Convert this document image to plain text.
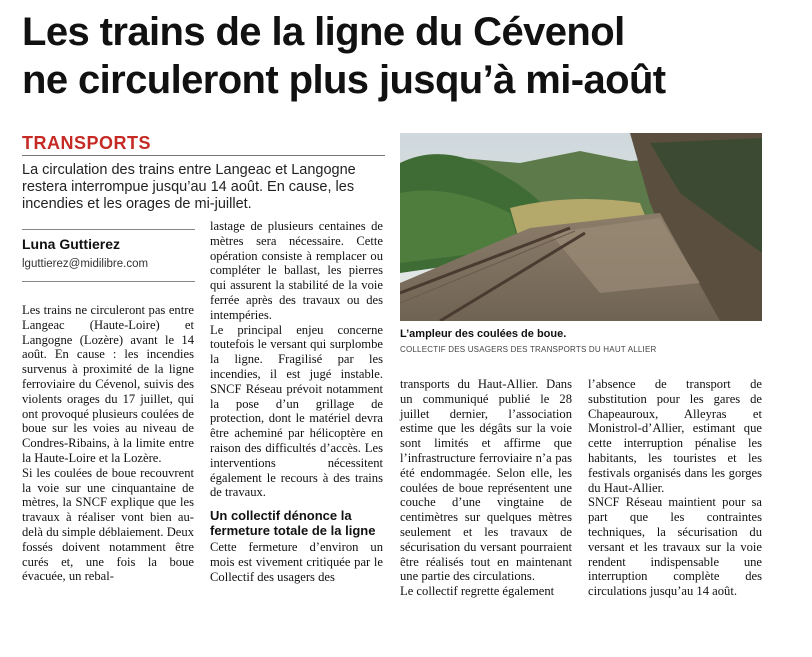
Les trains de la ligne du Cévenol
ne circuleront plus jusqu’à mi-août
TRANSPORTS
La circulation des trains entre Langeac et Langogne restera interrompue jusqu’au 14 août. En cause, les incendies et les orages de mi-juillet.
Luna Guttierez
lguttierez@midilibre.com

Les trains ne circuleront pas entre Langeac (Haute-Loire) et Langogne (Lozère) avant le 14 août. En cause : les incendies survenus à proximité de la ligne ferroviaire du Cévenol, suivis des violents orages du 17 juillet, qui ont provoqué plusieurs coulées de boue sur les voies au niveau de Condres-Ribains, à la limite entre la Haute-Loire et la Lozère.

Si les coulées de boue recouvrent la voie sur une cinquantaine de mètres, la SNCF explique que les travaux à réaliser vont bien au-delà du simple déblaiement. Deux fossés doivent notamment être curés et, une fois la boue évacuée, un rebal-

lastage de plusieurs centaines de mètres sera nécessaire. Cette opération consiste à remplacer ou compléter le ballast, les pierres qui assurent la stabilité de la voie ferrée après des travaux ou des intempéries.

Le principal enjeu concerne toutefois le versant qui surplombe la ligne. Fragilisé par les incendies, il est jugé instable. SNCF Réseau prévoit notamment la pose d’un grillage de protection, dont le matériel devra être acheminé par hélicoptère en raison des difficultés d’accès. Les interventions nécessitent également le recours à des trains de travaux.

Un collectif dénonce la fermeture totale de la ligne

Cette fermeture d’environ un mois est vivement critiquée par le Collectif des usagers des

L’ampleur des coulées de boue.
COLLECTIF DES USAGERS DES TRANSPORTS DU HAUT ALLIER

transports du Haut-Allier. Dans un communiqué publié le 28 juillet dernier, l’association estime que les dégâts sur la voie sont limités et affirme que l’infrastructure ferroviaire n’a pas été endommagée. Selon elle, les coulées de boue représentent une couche d’une vingtaine de centimètres sur quelques mètres seulement et les travaux de sécurisation du versant pourraient être réalisés tout en maintenant une partie des circulations.

Le collectif regrette également

l’absence de transport de substitution pour les gares de Chapeauroux, Alleyras et Monistrol-d’Allier, estimant que cette interruption pénalise les habitants, les touristes et les festivals organisés dans les gorges du Haut-Allier.

SNCF Réseau maintient pour sa part que les contraintes techniques, la sécurisation du versant et les travaux sur la voie rendent indispensable une interruption complète des circulations jusqu’au 14 août.
